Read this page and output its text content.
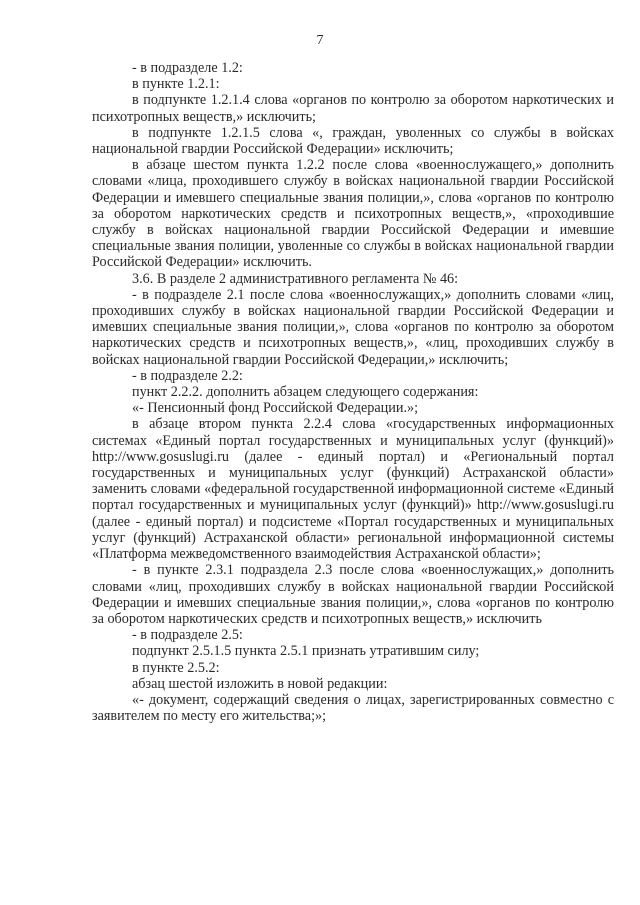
7

- в подразделе 1.2:

в пункте 1.2.1:

в подпункте 1.2.1.4 слова «органов по контролю за оборотом наркотических и психотропных веществ,» исключить;

в подпункте 1.2.1.5 слова «, граждан, уволенных со службы в войсках национальной гвардии Российской Федерации» исключить;

в абзаце шестом пункта 1.2.2 после слова «военнослужащего,» дополнить словами «лица, проходившего службу в войсках национальной гвардии Российской Федерации и имевшего специальные звания полиции,», слова «органов по контролю за оборотом наркотических средств и психотропных веществ,», «проходившие службу в войсках национальной гвардии Российской Федерации и имевшие специальные звания полиции, уволенные со службы в войсках национальной гвардии Российской Федерации» исключить.

3.6. В разделе 2 административного регламента № 46:

- в подразделе 2.1 после слова «военнослужащих,» дополнить словами «лиц, проходивших службу в войсках национальной гвардии Российской Федерации и имевших специальные звания полиции,», слова «органов по контролю за оборотом наркотических средств и психотропных веществ,», «лиц, проходивших службу в войсках национальной гвардии Российской Федерации,» исключить;

- в подразделе 2.2:

пункт 2.2.2. дополнить абзацем следующего содержания:

«- Пенсионный фонд Российской Федерации.»;

в абзаце втором пункта 2.2.4 слова «государственных информационных системах «Единый портал государственных и муниципальных услуг (функций)» http://www.gosuslugi.ru (далее - единый портал) и «Региональный портал государственных и муниципальных услуг (функций) Астраханской области» заменить словами «федеральной государственной информационной системе «Единый портал государственных и муниципальных услуг (функций)» http://www.gosuslugi.ru (далее - единый портал) и подсистеме «Портал государственных и муниципальных услуг (функций) Астраханской области» региональной информационной системы «Платформа межведомственного взаимодействия Астраханской области»;

- в пункте 2.3.1 подраздела 2.3 после слова «военнослужащих,» дополнить словами «лиц, проходивших службу в войсках национальной гвардии Российской Федерации и имевших специальные звания полиции,», слова «органов по контролю за оборотом наркотических средств и психотропных веществ,» исключить

- в подразделе 2.5:

подпункт 2.5.1.5 пункта 2.5.1 признать утратившим силу;

в пункте 2.5.2:

абзац шестой изложить в новой редакции:

«- документ, содержащий сведения о лицах, зарегистрированных совместно с заявителем по месту его жительства;»;
